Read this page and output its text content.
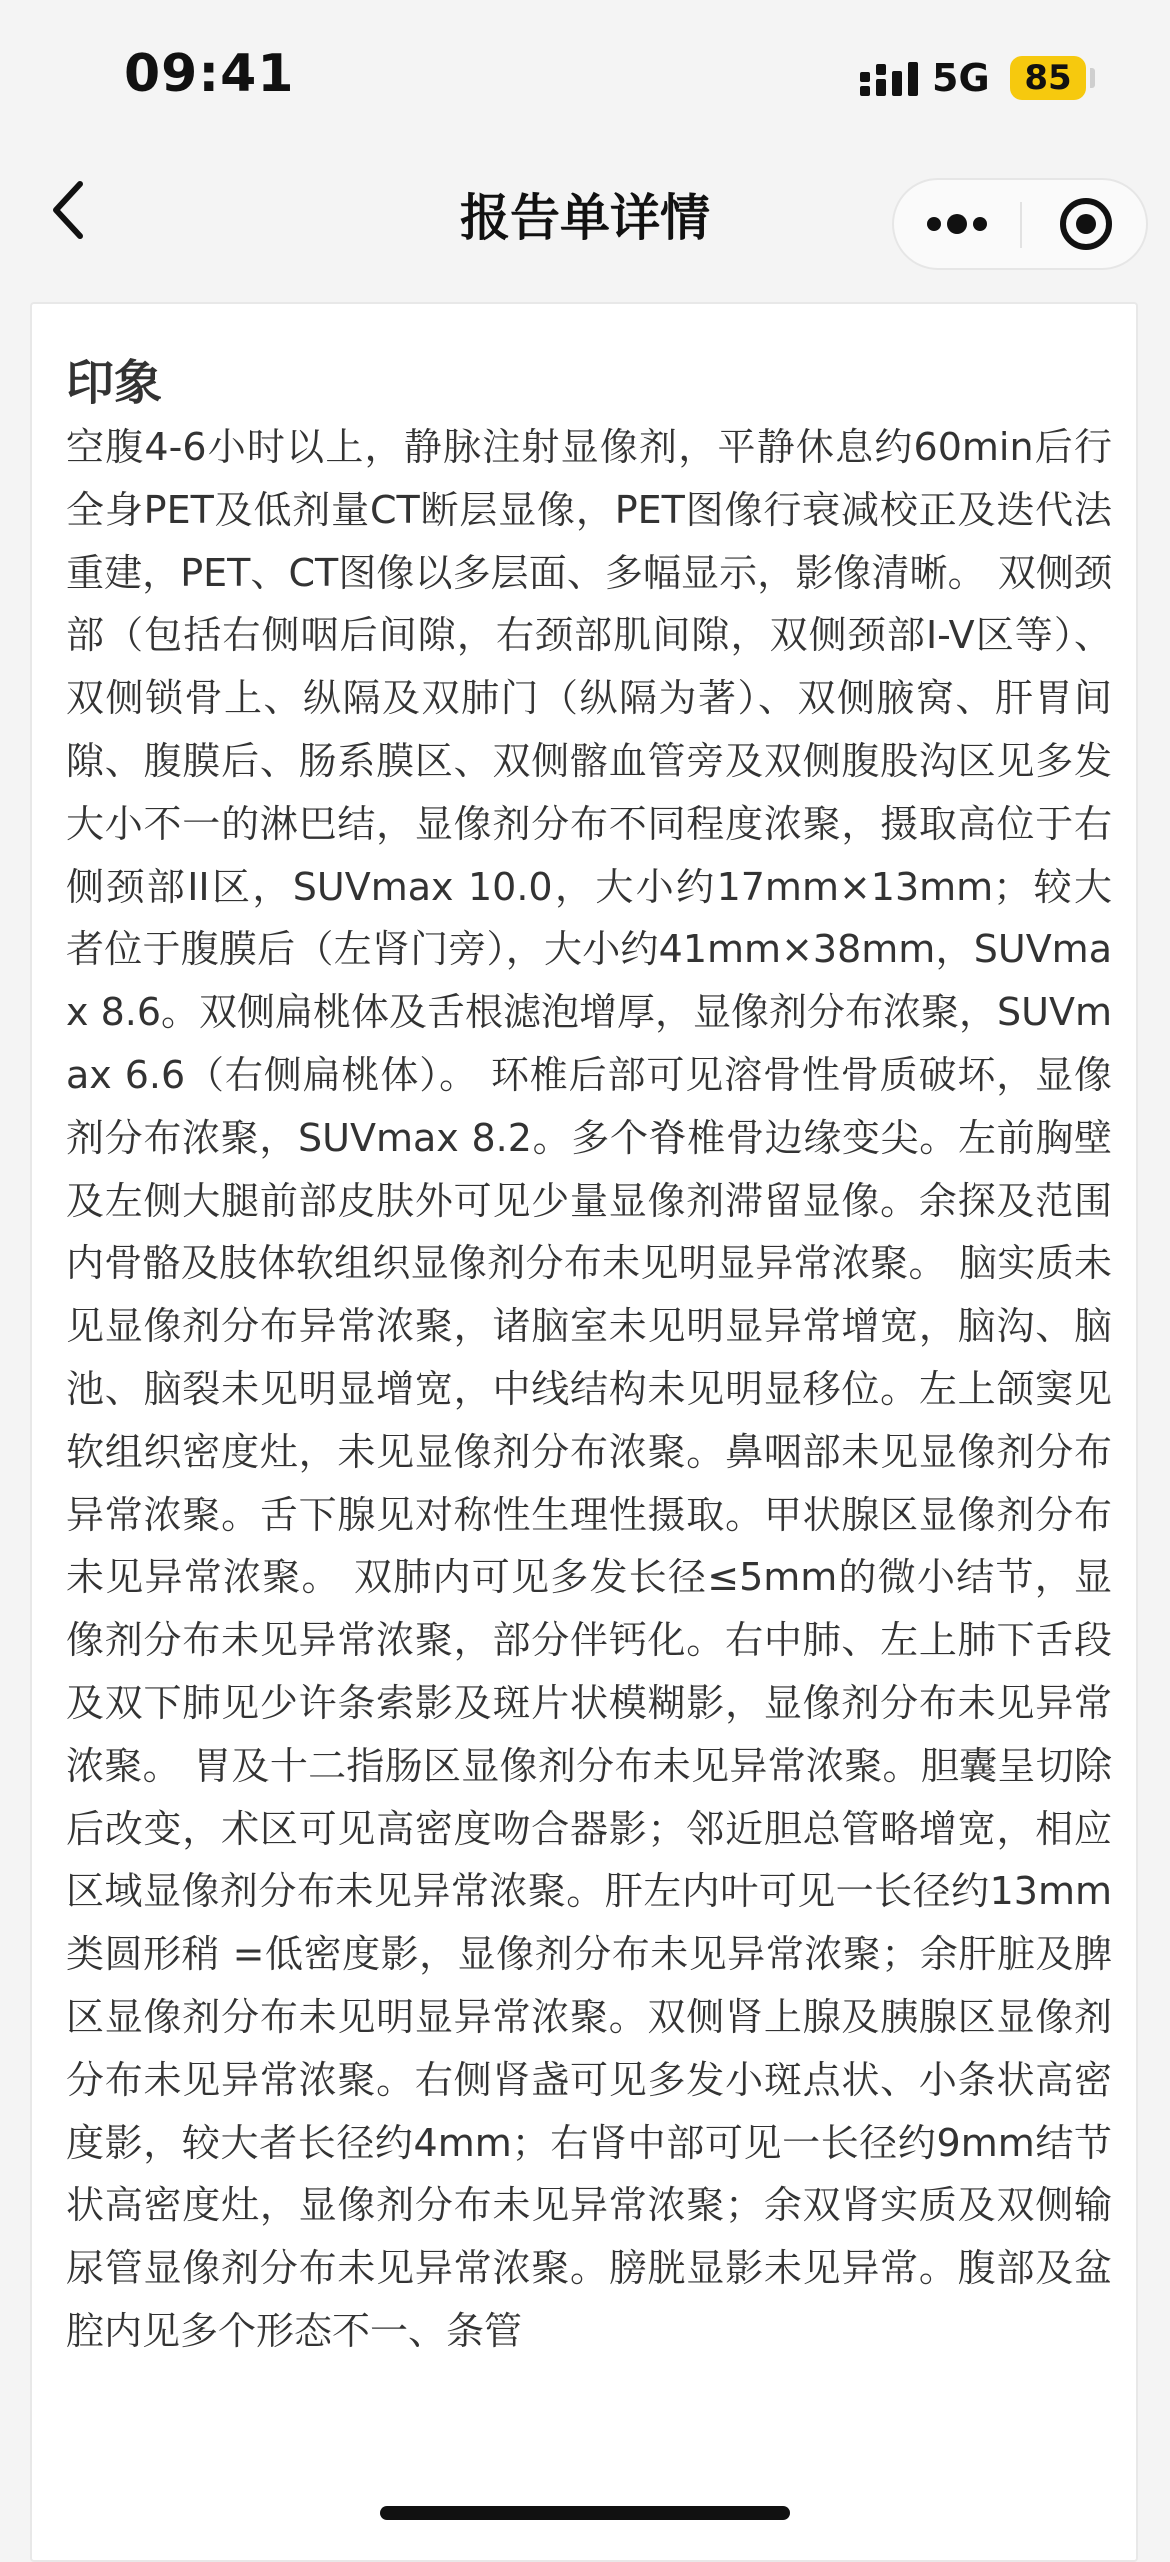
09:41	5G	85
报告单详情
印象

空腹4-6小时以上，静脉注射显像剂，平静休息约60min后行全身PET及低剂量CT断层显像，PET图像行衰减校正及迭代法重建，PET、CT图像以多层面、多幅显示，影像清晰。 双侧颈部（包括右侧咽后间隙，右颈部肌间隙，双侧颈部I-V区等）、双侧锁骨上、纵隔及双肺门（纵隔为著）、双侧腋窝、肝胃间隙、腹膜后、肠系膜区、双侧髂血管旁及双侧腹股沟区见多发大小不一的淋巴结，显像剂分布不同程度浓聚，摄取高位于右侧颈部II区，SUVmax 10.0，大小约17mm×13mm；较大者位于腹膜后（左肾门旁），大小约41mm×38mm，SUVmax 8.6。双侧扁桃体及舌根滤泡增厚，显像剂分布浓聚，SUVmax 6.6（右侧扁桃体）。 环椎后部可见溶骨性骨质破坏，显像剂分布浓聚，SUVmax 8.2。多个脊椎骨边缘变尖。左前胸壁及左侧大腿前部皮肤外可见少量显像剂滞留显像。余探及范围内骨骼及肢体软组织显像剂分布未见明显异常浓聚。 脑实质未见显像剂分布异常浓聚，诸脑室未见明显异常增宽，脑沟、脑池、脑裂未见明显增宽，中线结构未见明显移位。左上颌窦见软组织密度灶，未见显像剂分布浓聚。鼻咽部未见显像剂分布异常浓聚。舌下腺见对称性生理性摄取。甲状腺区显像剂分布未见异常浓聚。 双肺内可见多发长径≤5mm的微小结节，显像剂分布未见异常浓聚，部分伴钙化。右中肺、左上肺下舌段及双下肺见少许条索影及斑片状模糊影，显像剂分布未见异常浓聚。 胃及十二指肠区显像剂分布未见异常浓聚。胆囊呈切除后改变，术区可见高密度吻合器影；邻近胆总管略增宽，相应区域显像剂分布未见异常浓聚。肝左内叶可见一长径约13mm类圆形稍 =低密度影，显像剂分布未见异常浓聚；余肝脏及脾区显像剂分布未见明显异常浓聚。双侧肾上腺及胰腺区显像剂分布未见异常浓聚。右侧肾盏可见多发小斑点状、小条状高密度影，较大者长径约4mm；右肾中部可见一长径约9mm结节状高密度灶，显像剂分布未见异常浓聚；余双肾实质及双侧输尿管显像剂分布未见异常浓聚。膀胱显影未见异常。腹部及盆腔内见多个形态不一、条管
